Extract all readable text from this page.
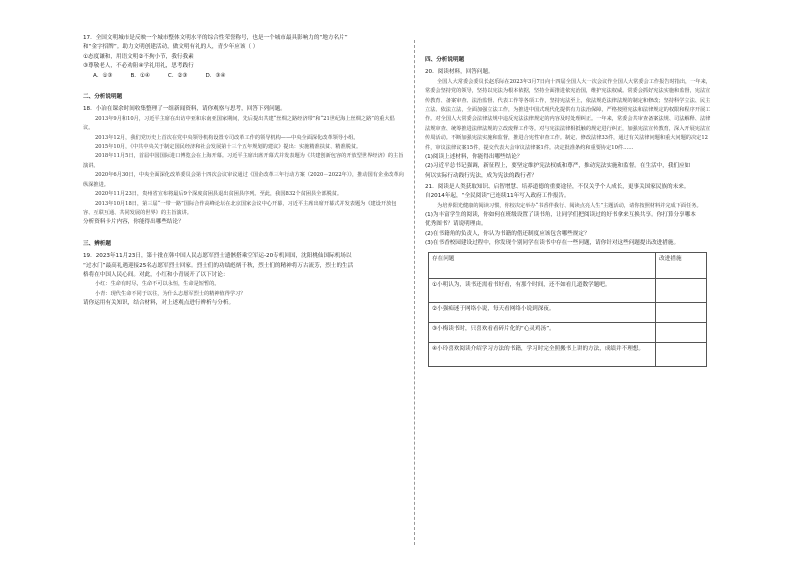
17．全国文明城市是反映一个城市整体文明水平的综合性荣誉称号，也是一个城市最具影响力的“地方名片”

和“金字招牌”。助力文明创建活动，做文明有礼的人，青少年应该（ ）

①态度谦和，用语文明②不拘小节，我行我素

③尊敬老人，不必劝阻④学礼用礼，思考践行

A．①③	B．①④	C．②③	D．③④

二、分析说明题

18．小冶在课余时间收集整理了一组新闻资料，请你观察与思考，回答下列问题。

2013年9月和10月，习近平主席在出访中亚和东南亚国家期间，先后提出共建“丝绸之路经济带”和“21世纪海上丝绸之路”的重大倡议。

2013年12月，我们党历史上首次在党中央领导机构设置专司改革工作的领导机构——中央全面深化改革领导小组。

2015年10月，《中共中央关于制定国民经济和社会发展第十三个五年规划的建议》提出：实施精准扶贫、精准脱贫。

2018年11月5日，首届中国国际进口博览会在上海开幕。习近平主席出席开幕式并发表题为《共建创新包容的开放型世界经济》的主旨演讲。

2020年6月30日，中央全面深化改革委员会第十四次会议审议通过《国企改革三年行动方案（2020－2022年）》，推动国有企业改革向纵深推进。

2020年11月23日，贵州省宣布将最后9个深度贫困县退出贫困县序列。至此，我国832个贫困县全部脱贫。

2013年10月18日，第三届“一带一路”国际合作高峰论坛在北京国家会议中心开幕，习近平主席出席开幕式并发表题为《建设开放包容、互联互通、共同发展的世界》的主旨演讲。

分析资料卡片内容，你能得出哪些结论？

三、辨析题

19．2023年11月23日，第十批在韩中国人民志愿军烈士遗骸搭乘空军运-20专机回国，沈阳桃仙国际机场以

“过水门”最高礼遇迎接25名志愿军烈士回家。烈士们的功绩彪炳千秋，烈士们的精神将万古流芳，烈士的生活

格将在中国人民心间。对此，小红和小青展开了以下讨论：

小红：生命有时尽，生命不可以永恒，生命是短暂的。

小青：现代生命不同于以往，为什么志愿军烈士的精神值得学习？

请你运用有关知识，结合材料，对上述观点进行辨析与分析。

四、分析说明题

20．阅读材料，回答问题。

全国人大常委会委员长赵乐际在2023年3月7日向十四届全国人大一次会议作全国人大常委会工作报告时指出，一年来，常委会坚持党的领导，坚持以宪法为根本依据，坚持全面推进依宪治国，维护宪法权威。常委会抓好宪法实施和监督，宪法宣传教育、备案审查、法治监督、代表工作等各项工作，坚持宪法至上，依法规范法律法规的制定和修改；坚持科学立法、民主立法、依法立法，全面加强立法工作，为推进中国式现代化提供有力法治保障，严格按照宪法和法律规定的权限和程序开展工作。对全国人大常委会法律法规中违反宪法法律规定的内容及时处理纠正。一年来，常委会共审查备案法规、司法解释、法律法规审查、统筹推进法律法规的立改废释工作等。对与宪法法律相抵触的规定进行纠正，加强宪法宣传教育，深入开展宪法宣传周活动。不断加强宪法实施和监督，推进合宪性审查工作。制定、修改法律33件，通过有关法律问题和重大问题的决定12件，审议法律议案15件，提交代表大会审议法律案1件。决定批准条约和重要协定10件……

(1)阅读上述材料，你能得出哪些结论？

(2)习近平总书记强调，新征程上，要坚定维护宪法权威和尊严，推动宪法实施和监督。在生活中，我们应如

何以实际行动践行宪法，成为宪法的践行者？

21．阅读是人类获取知识、启智增慧、培养道德的重要途径，不仅关乎个人成长，更事关国家民族的未来。

自2014年起，“全民阅读”已连续11年写入政府工作报告。

为培养阳光健康的阅读习惯，你校决定举办“书香伴我行、阅读点亮人生”主题活动，请你按照材料并完成下面任务。

(1)为丰富学生的阅读，你如何在班级设置了读书角，让同学们把阅读过的好书拿来互换共享。你打算分享哪本

优秀图书？请说明理由。

(2)在书籍角的负责人，你认为书籍的借还制度应该包含哪些规定？

(3)在书香校园建设过程中，你发现个别同学在读书中存在一些问题，请你针对这些问题提出改进措施。

存在问题	改进措施
①小明认为，读书还需看书好看，有那个时间，还不如看几道数学题吧。	
②小强痴迷于网络小说，每天看网络小说到深夜。	
③小梅读书时，只喜欢看看碎片化的“心灵鸡汤”。	
④小玲喜欢阅读介绍学习方法的书籍，学习时完全照搬书上讲的方法，成绩并不理想。	
